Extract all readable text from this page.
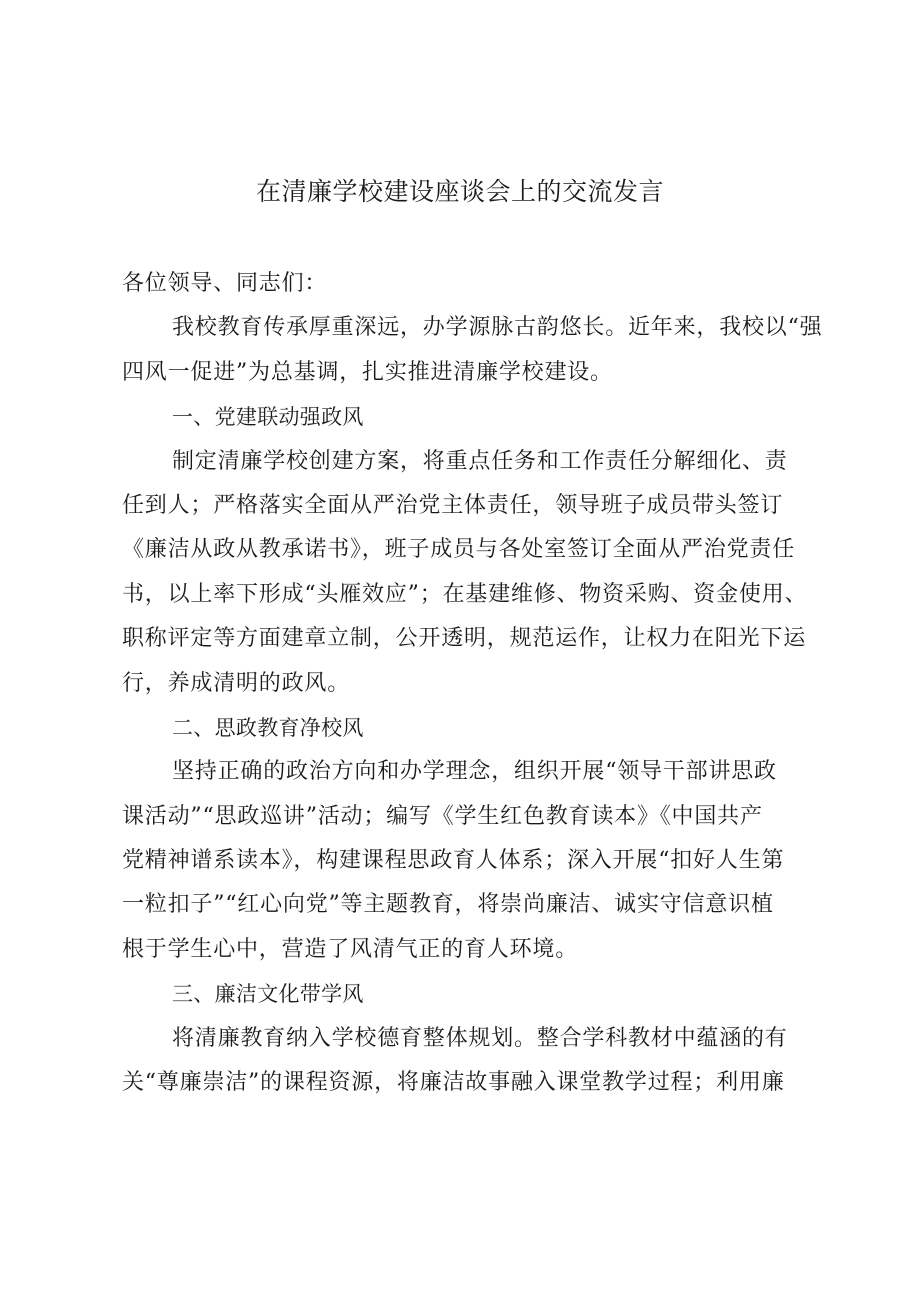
在清廉学校建设座谈会上的交流发言

各位领导、同志们：

我校教育传承厚重深远，办学源脉古韵悠长。近年来，我校以“强

四风一促进”为总基调，扎实推进清廉学校建设。

一、党建联动强政风

制定清廉学校创建方案，将重点任务和工作责任分解细化、责

任到人；严格落实全面从严治党主体责任，领导班子成员带头签订

《廉洁从政从教承诺书》，班子成员与各处室签订全面从严治党责任

书，以上率下形成“头雁效应”；在基建维修、物资采购、资金使用、

职称评定等方面建章立制，公开透明，规范运作，让权力在阳光下运

行，养成清明的政风。

二、思政教育净校风

坚持正确的政治方向和办学理念，组织开展“领导干部讲思政

课活动”“思政巡讲”活动；编写《学生红色教育读本》《中国共产

党精神谱系读本》，构建课程思政育人体系；深入开展“扣好人生第

一粒扣子”“红心向党”等主题教育，将崇尚廉洁、诚实守信意识植

根于学生心中，营造了风清气正的育人环境。

三、廉洁文化带学风

将清廉教育纳入学校德育整体规划。整合学科教材中蕴涵的有

关“尊廉崇洁”的课程资源，将廉洁故事融入课堂教学过程；利用廉
